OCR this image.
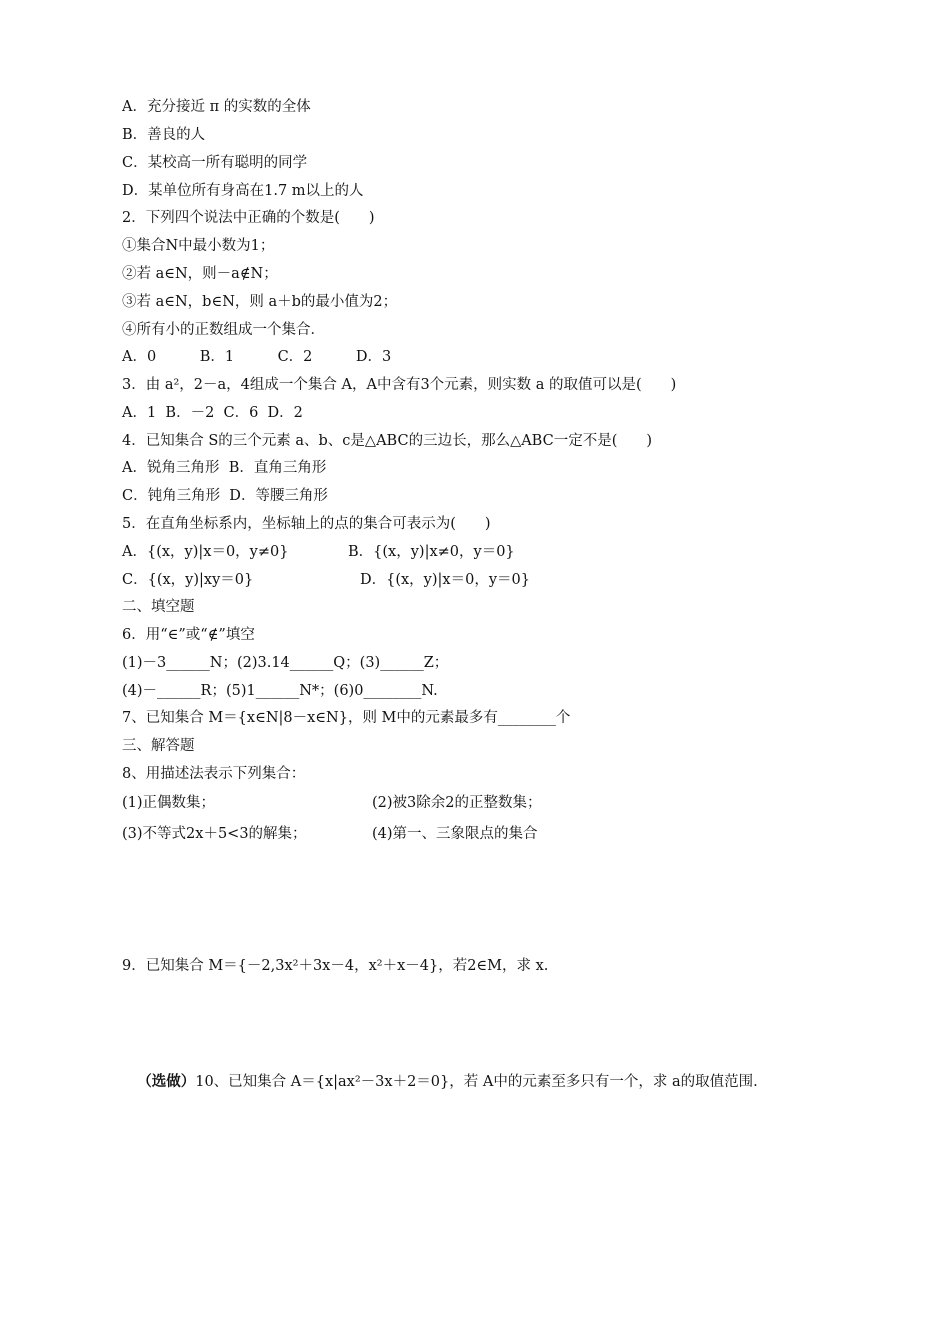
A．充分接近 π 的实数的全体
B．善良的人
C．某校高一所有聪明的同学
D．某单位所有身高在1.7 m以上的人
2．下列四个说法中正确的个数是(　　)
①集合N中最小数为1；
②若 a∈N，则－a∉N；
③若 a∈N，b∈N，则 a＋b的最小值为2；
④所有小的正数组成一个集合．
A．0　　　B．1　　　C．2　　　D．3
3．由 a²，2－a，4组成一个集合 A，A中含有3个元素，则实数 a 的取值可以是(　　)
A．1  B．－2  C．6  D．2
4．已知集合 S的三个元素 a、b、c是△ABC的三边长，那么△ABC一定不是(　　)
A．锐角三角形  B．直角三角形
C．钝角三角形  D．等腰三角形
5．在直角坐标系内，坐标轴上的点的集合可表示为(　　)
A．{(x，y)|x＝0，y≠0}	B．{(x，y)|x≠0，y＝0}
C．{(x，y)|xy＝0}	D．{(x，y)|x＝0，y＝0}
二、填空题
6．用“∈”或“∉”填空
(1)－3______N；(2)3.14______Q；(3)______Z；
(4)－______R；(5)1______N*；(6)0________N.
7、已知集合 M＝{x∈N|8－x∈N}，则 M中的元素最多有________个
三、解答题
8、用描述法表示下列集合：
(1)正偶数集；	(2)被3除余2的正整数集；
(3)不等式2x＋5<3的解集；	(4)第一、三象限点的集合
9．已知集合 M＝{－2,3x²＋3x－4，x²＋x－4}，若2∈M，求 x.

（选做）10、已知集合 A＝{x|ax²－3x＋2＝0}，若 A中的元素至多只有一个，求 a的取值范围.
